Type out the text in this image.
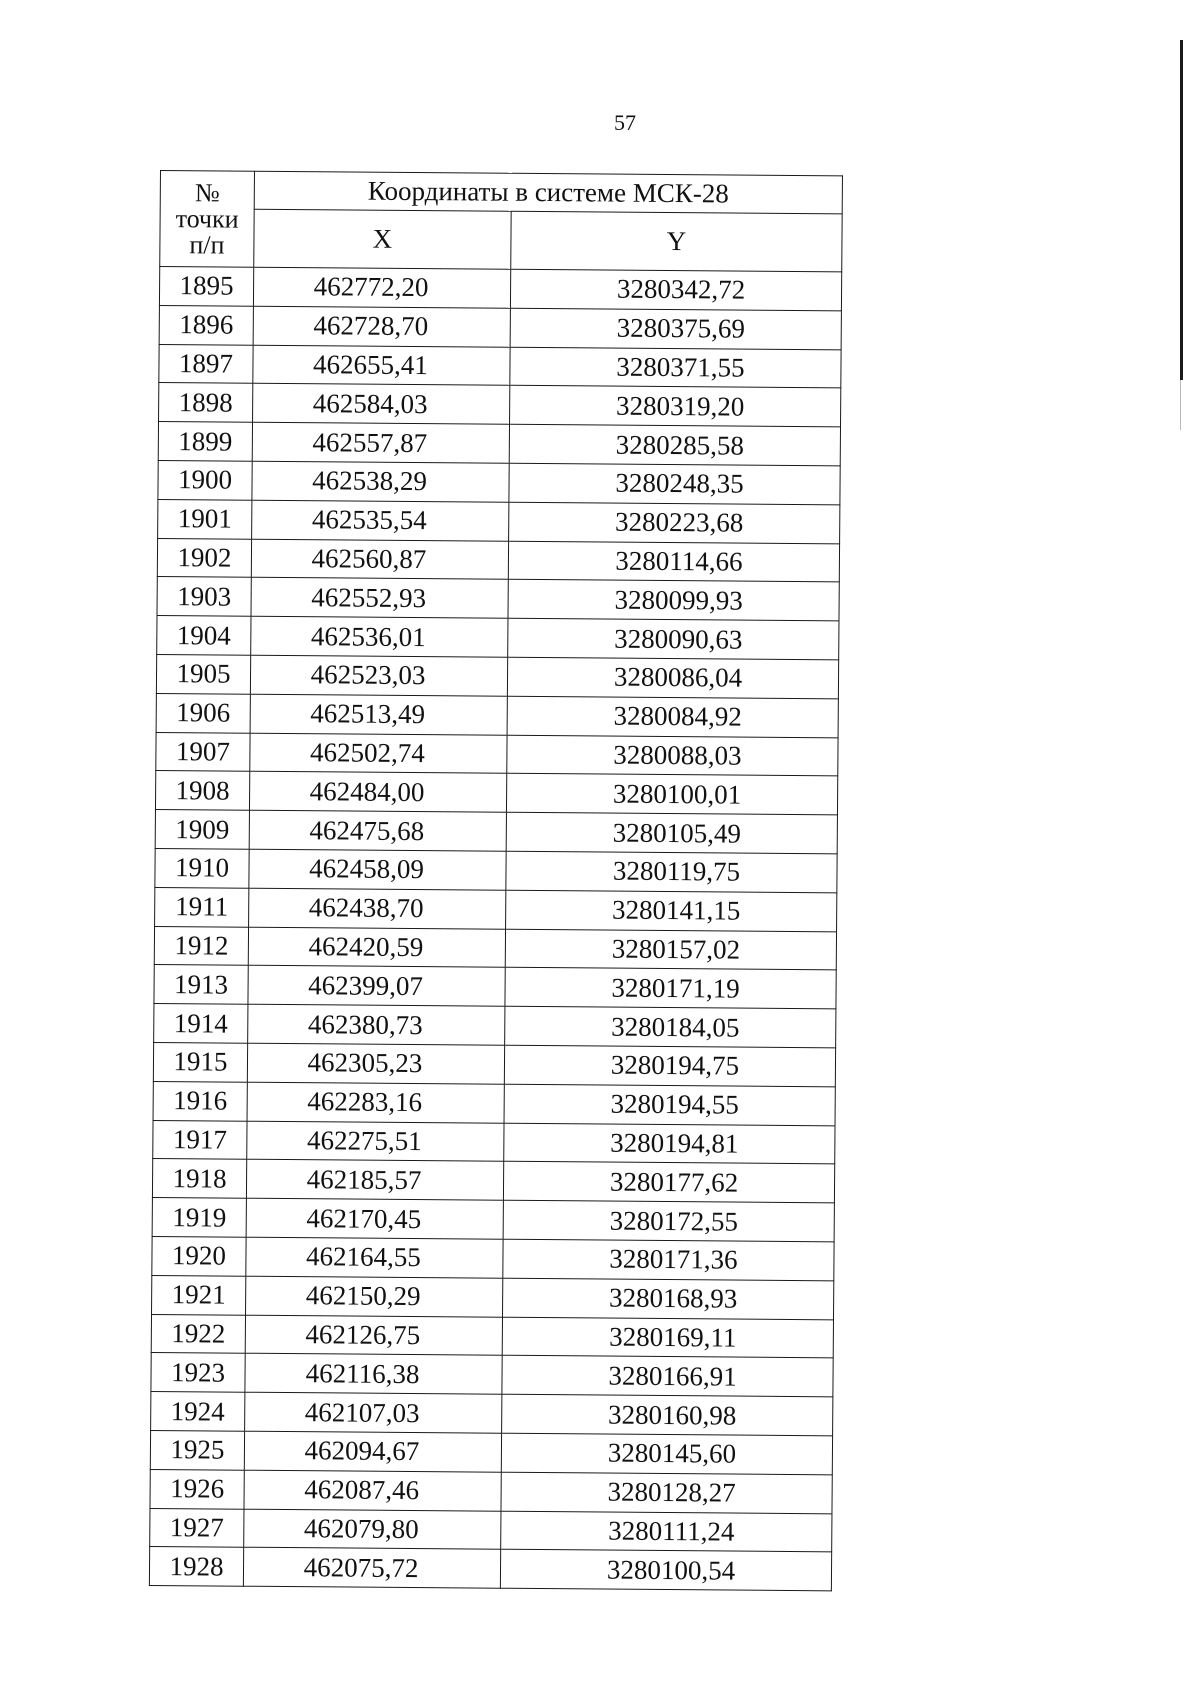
57
№
точки
п/п	Координаты в системе МСК-28	
	X	Y
1895	462772,20	3280342,72
1896	462728,70	3280375,69
1897	462655,41	3280371,55
1898	462584,03	3280319,20
1899	462557,87	3280285,58
1900	462538,29	3280248,35
1901	462535,54	3280223,68
1902	462560,87	3280114,66
1903	462552,93	3280099,93
1904	462536,01	3280090,63
1905	462523,03	3280086,04
1906	462513,49	3280084,92
1907	462502,74	3280088,03
1908	462484,00	3280100,01
1909	462475,68	3280105,49
1910	462458,09	3280119,75
1911	462438,70	3280141,15
1912	462420,59	3280157,02
1913	462399,07	3280171,19
1914	462380,73	3280184,05
1915	462305,23	3280194,75
1916	462283,16	3280194,55
1917	462275,51	3280194,81
1918	462185,57	3280177,62
1919	462170,45	3280172,55
1920	462164,55	3280171,36
1921	462150,29	3280168,93
1922	462126,75	3280169,11
1923	462116,38	3280166,91
1924	462107,03	3280160,98
1925	462094,67	3280145,60
1926	462087,46	3280128,27
1927	462079,80	3280111,24
1928	462075,72	3280100,54
